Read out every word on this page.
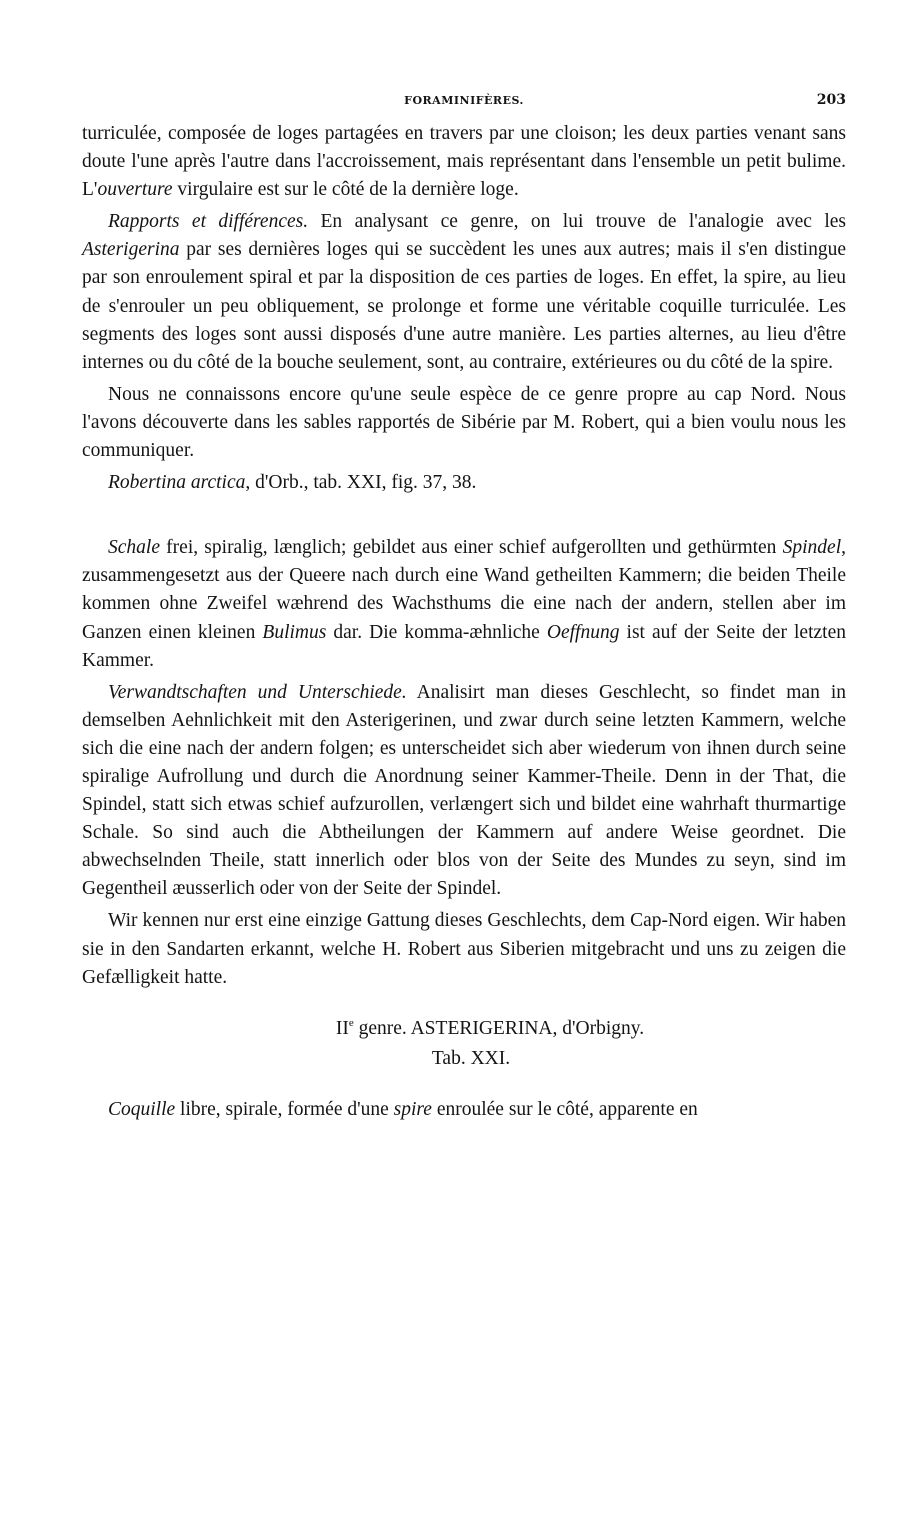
FORAMINIFÈRES.	203

turriculée, composée de loges partagées en travers par une cloison; les deux parties venant sans doute l'une après l'autre dans l'accroissement, mais représentant dans l'ensemble un petit bulime. L'ouverture virgulaire est sur le côté de la dernière loge.

Rapports et différences. En analysant ce genre, on lui trouve de l'analogie avec les Asterigerina par ses dernières loges qui se succèdent les unes aux autres; mais il s'en distingue par son enroulement spiral et par la disposition de ces parties de loges. En effet, la spire, au lieu de s'enrouler un peu obliquement, se prolonge et forme une véritable coquille turriculée. Les segments des loges sont aussi disposés d'une autre manière. Les parties alternes, au lieu d'être internes ou du côté de la bouche seulement, sont, au contraire, extérieures ou du côté de la spire.

Nous ne connaissons encore qu'une seule espèce de ce genre propre au cap Nord. Nous l'avons découverte dans les sables rapportés de Sibérie par M. Robert, qui a bien voulu nous les communiquer.

Robertina arctica, d'Orb., tab. XXI, fig. 37, 38.

Schale frei, spiralig, længlich; gebildet aus einer schief aufgerollten und gethürmten Spindel, zusammengesetzt aus der Queere nach durch eine Wand getheilten Kammern; die beiden Theile kommen ohne Zweifel wæhrend des Wachsthums die eine nach der andern, stellen aber im Ganzen einen kleinen Bulimus dar. Die komma-æhnliche Oeffnung ist auf der Seite der letzten Kammer.

Verwandtschaften und Unterschiede. Analisirt man dieses Geschlecht, so findet man in demselben Aehnlichkeit mit den Asterigerinen, und zwar durch seine letzten Kammern, welche sich die eine nach der andern folgen; es unterscheidet sich aber wiederum von ihnen durch seine spiralige Aufrollung und durch die Anordnung seiner Kammer-Theile. Denn in der That, die Spindel, statt sich etwas schief aufzurollen, verlængert sich und bildet eine wahrhaft thurmartige Schale. So sind auch die Abtheilungen der Kammern auf andere Weise geordnet. Die abwechselnden Theile, statt innerlich oder blos von der Seite des Mundes zu seyn, sind im Gegentheil æusserlich oder von der Seite der Spindel.

Wir kennen nur erst eine einzige Gattung dieses Geschlechts, dem Cap-Nord eigen. Wir haben sie in den Sandarten erkannt, welche H. Robert aus Siberien mitgebracht und uns zu zeigen die Gefælligkeit hatte.

IIe genre. ASTERIGERINA, d'Orbigny.
Tab. XXI.

Coquille libre, spirale, formée d'une spire enroulée sur le côté, apparente en
